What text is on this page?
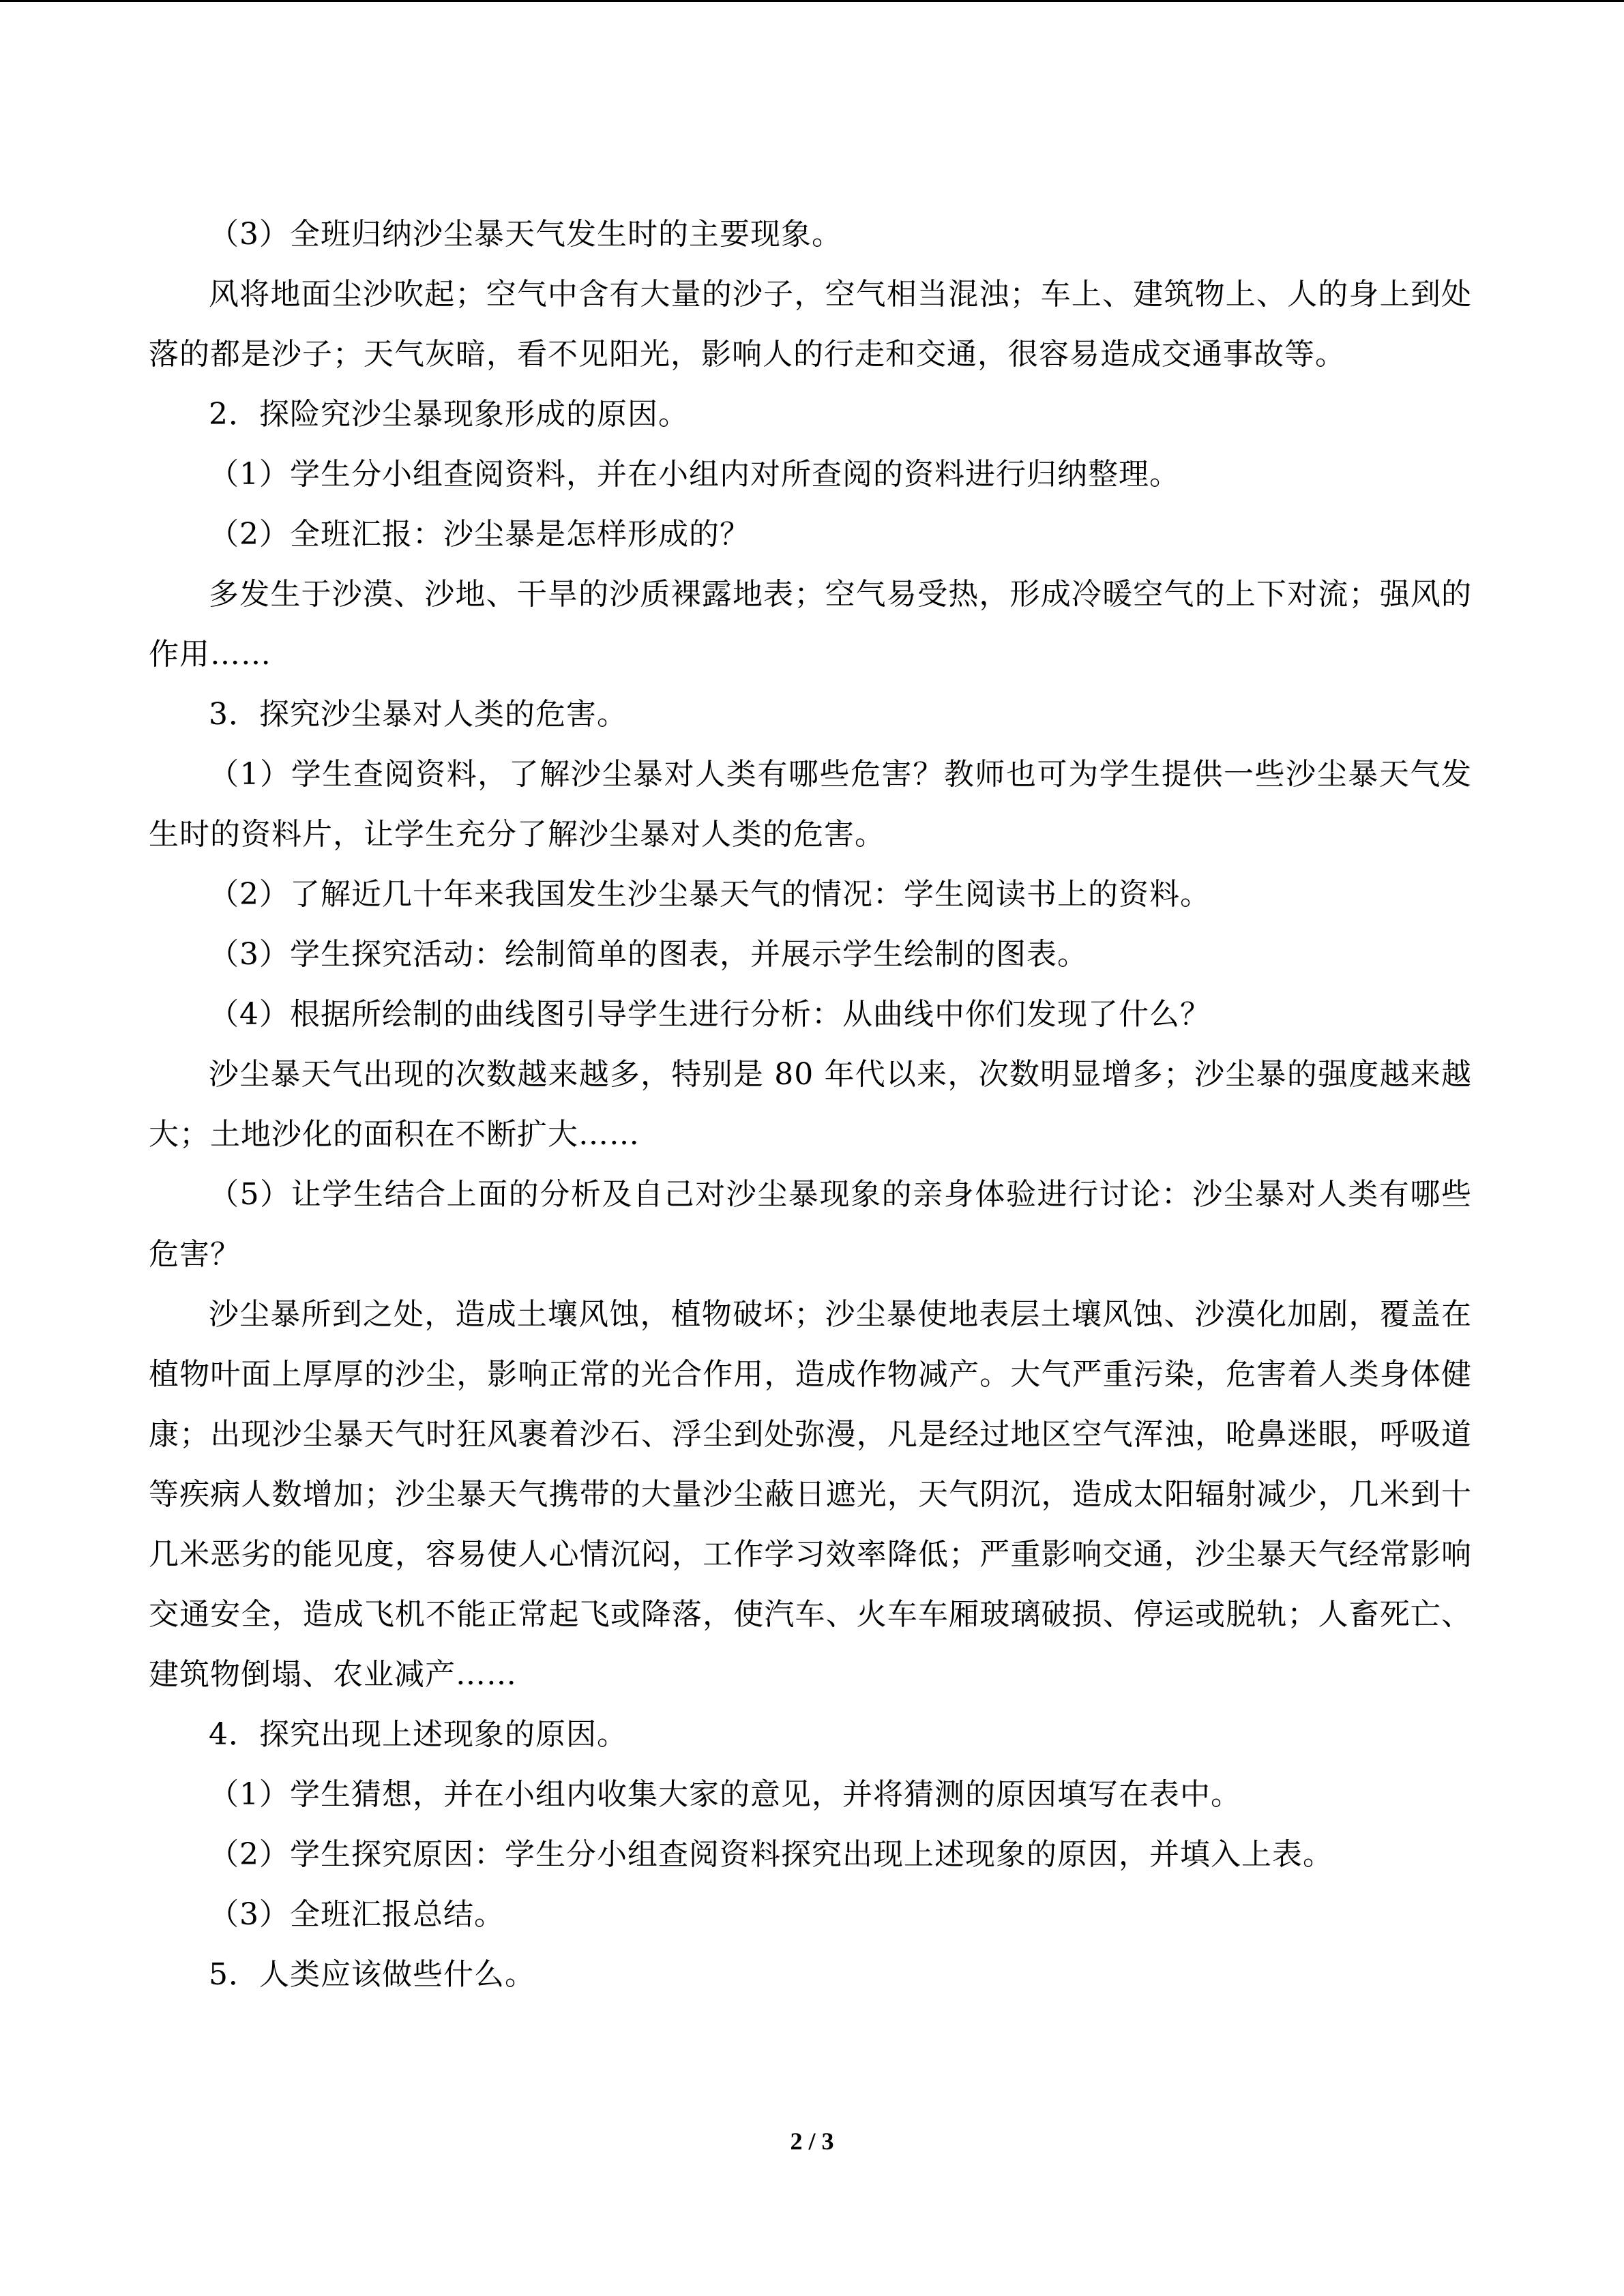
（3）全班归纳沙尘暴天气发生时的主要现象。

风将地面尘沙吹起；空气中含有大量的沙子，空气相当混浊；车上、建筑物上、人的身上到处落的都是沙子；天气灰暗，看不见阳光，影响人的行走和交通，很容易造成交通事故等。

2．探险究沙尘暴现象形成的原因。

（1）学生分小组查阅资料，并在小组内对所查阅的资料进行归纳整理。

（2）全班汇报：沙尘暴是怎样形成的？

多发生于沙漠、沙地、干旱的沙质裸露地表；空气易受热，形成冷暖空气的上下对流；强风的作用……

3．探究沙尘暴对人类的危害。

（1）学生查阅资料，了解沙尘暴对人类有哪些危害？教师也可为学生提供一些沙尘暴天气发生时的资料片，让学生充分了解沙尘暴对人类的危害。

（2）了解近几十年来我国发生沙尘暴天气的情况：学生阅读书上的资料。

（3）学生探究活动：绘制简单的图表，并展示学生绘制的图表。

（4）根据所绘制的曲线图引导学生进行分析：从曲线中你们发现了什么？

沙尘暴天气出现的次数越来越多，特别是 80 年代以来，次数明显增多；沙尘暴的强度越来越大；土地沙化的面积在不断扩大……

（5）让学生结合上面的分析及自己对沙尘暴现象的亲身体验进行讨论：沙尘暴对人类有哪些危害？

沙尘暴所到之处，造成土壤风蚀，植物破坏；沙尘暴使地表层土壤风蚀、沙漠化加剧，覆盖在植物叶面上厚厚的沙尘，影响正常的光合作用，造成作物减产。大气严重污染，危害着人类身体健康；出现沙尘暴天气时狂风裹着沙石、浮尘到处弥漫，凡是经过地区空气浑浊，呛鼻迷眼，呼吸道等疾病人数增加；沙尘暴天气携带的大量沙尘蔽日遮光，天气阴沉，造成太阳辐射减少，几米到十几米恶劣的能见度，容易使人心情沉闷，工作学习效率降低；严重影响交通，沙尘暴天气经常影响交通安全，造成飞机不能正常起飞或降落，使汽车、火车车厢玻璃破损、停运或脱轨；人畜死亡、建筑物倒塌、农业减产……

4．探究出现上述现象的原因。

（1）学生猜想，并在小组内收集大家的意见，并将猜测的原因填写在表中。

（2）学生探究原因：学生分小组查阅资料探究出现上述现象的原因，并填入上表。

（3）全班汇报总结。

5．人类应该做些什么。

2 / 3
